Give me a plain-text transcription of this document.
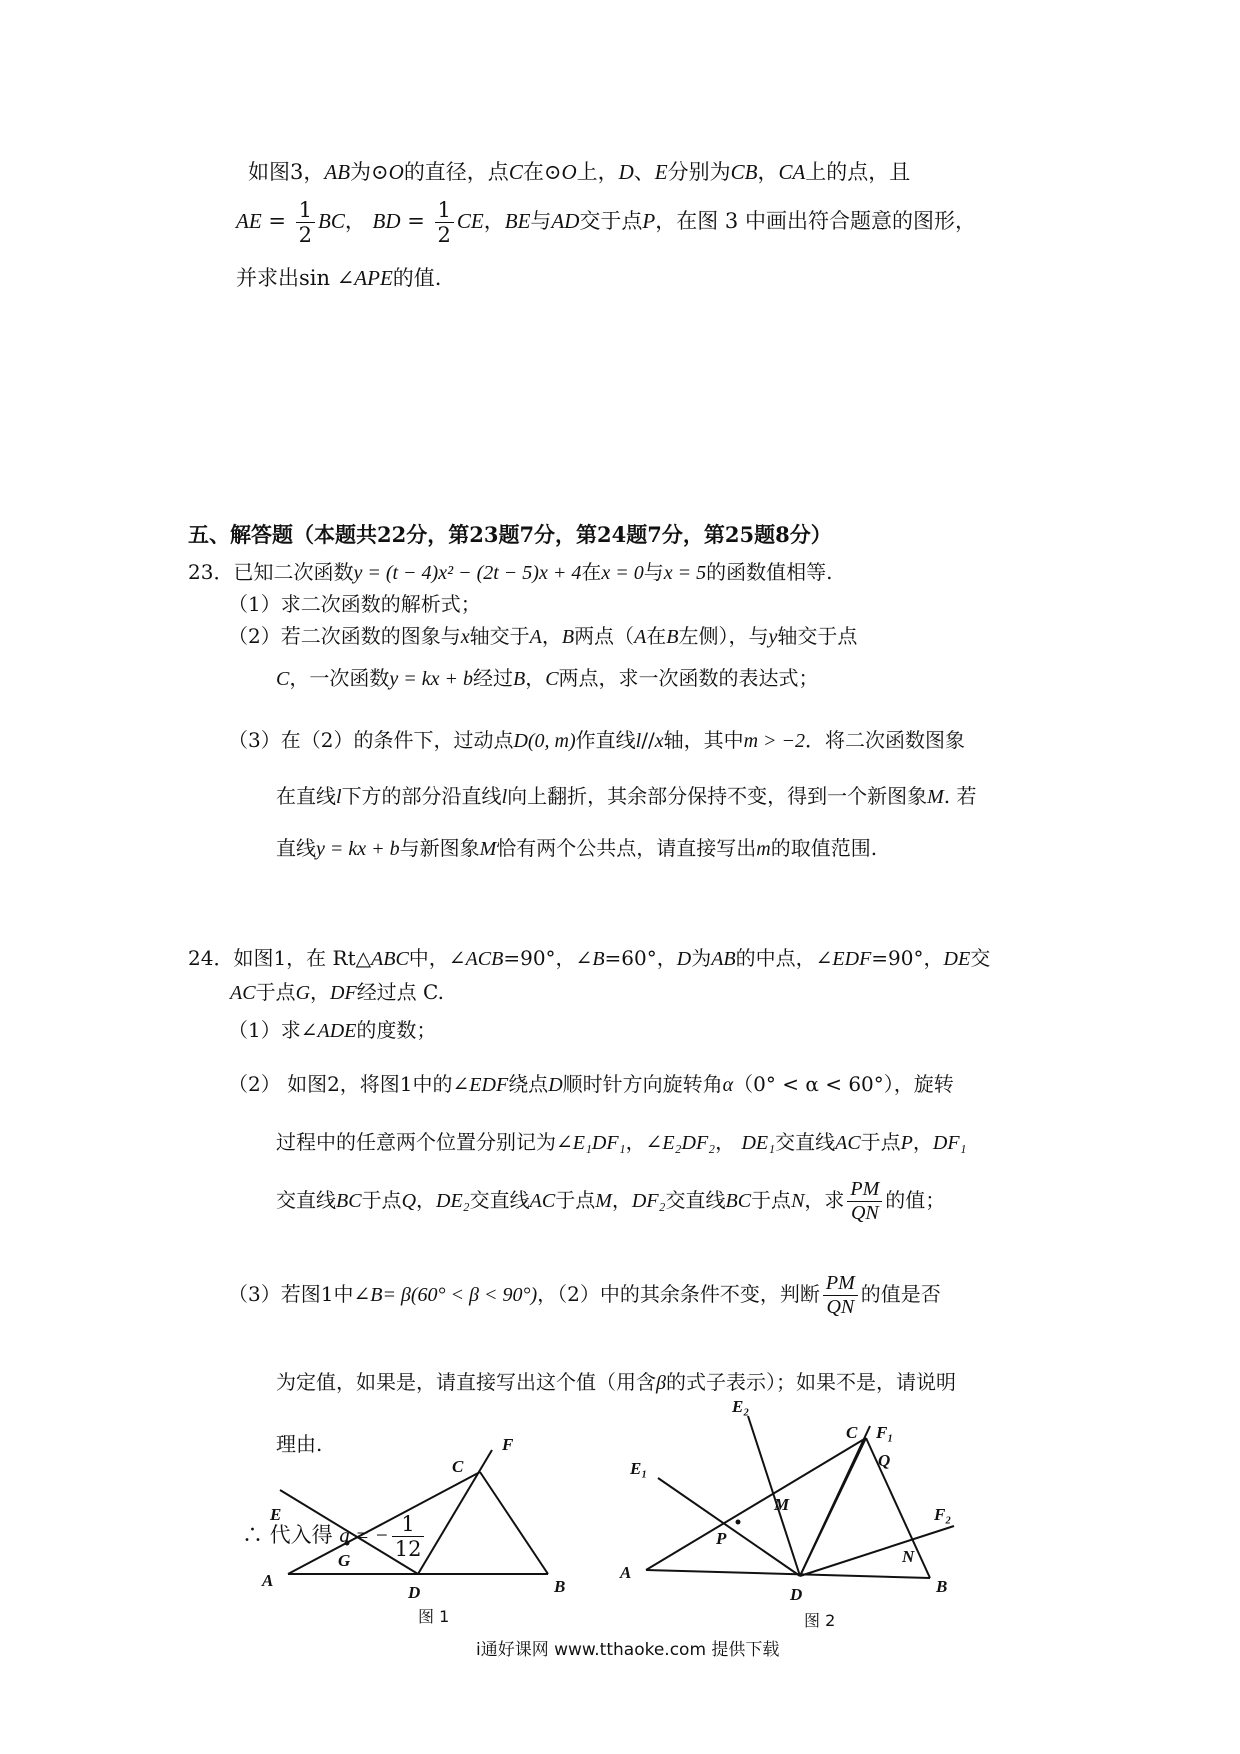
如图3，AB为⊙O的直径，点C在⊙O上，D、E分别为CB，CA上的点，且
AE = $\frac{1}{2}$ BC， BD = $\frac{1}{2}$ CE，BE与AD交于点P，在图 3 中画出符合题意的图形，
并求出sin ∠APE的值.
五、解答题（本题共22分，第23题7分，第24题7分，第25题8分）
23．已知二次函数y = (t − 4)x² − (2t − 5)x + 4在x = 0与x = 5的函数值相等.
（1）求二次函数的解析式；
（2）若二次函数的图象与x轴交于A，B两点（A在B左侧），与y轴交于点
C，一次函数y = kx + b经过B，C两点，求一次函数的表达式；
（3）在（2）的条件下，过动点D(0, m)作直线l//x轴，其中m > −2．将二次函数图象
在直线l下方的部分沿直线l向上翻折，其余部分保持不变，得到一个新图象M. 若
直线y = kx + b与新图象M恰有两个公共点，请直接写出m的取值范围.
24．如图1，在 Rt△ABC中，∠ACB=90°，∠B=60°，D为AB的中点，∠EDF=90°，DE交
AC于点G，DF经过点 C.
（1）求∠ADE的度数；
（2） 如图2，将图1中的∠EDF绕点D顺时针方向旋转角α（0° < α < 60°），旋转
过程中的任意两个位置分别记为∠E₁DF₁，∠E₂DF₂， DE₁交直线AC于点P，DF₁
交直线BC于点Q，DE₂交直线AC于点M，DF₂交直线BC于点N，求 $\frac{PM}{QN}$ 的值；
（3）若图1中∠B= β(60° < β < 90°)，（2）中的其余条件不变，判断 $\frac{PM}{QN}$ 的值是否
为定值，如果是，请直接写出这个值（用含β的式子表示）；如果不是，请说明
理由.
A	B
C
D
E
F
G
图 1
∴ 代入得 a = − $\frac{1}{12}$
A
B
C
D
E₁
E₂
F₁
F₂
M
N
P
Q
图 2
i通好课网 www.tthaoke.com 提供下载
